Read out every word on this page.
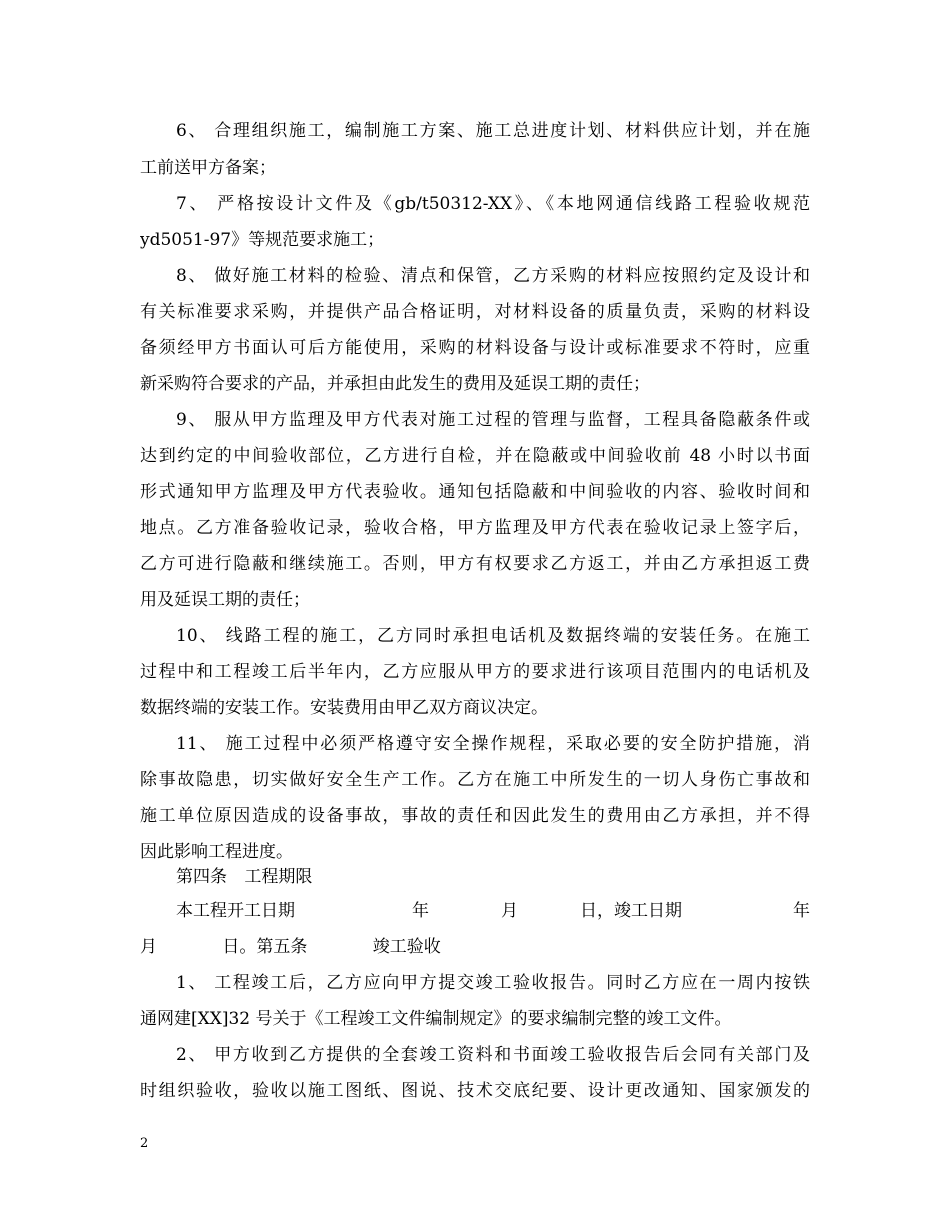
6、 合理组织施工，编制施工方案、施工总进度计划、材料供应计划，并在施
工前送甲方备案；
7、 严格按设计文件及《gb/t50312-XX》、《本地网通信线路工程验收规范
yd5051-97》等规范要求施工；
8、 做好施工材料的检验、清点和保管，乙方采购的材料应按照约定及设计和
有关标准要求采购，并提供产品合格证明，对材料设备的质量负责，采购的材料设
备须经甲方书面认可后方能使用，采购的材料设备与设计或标准要求不符时，应重
新采购符合要求的产品，并承担由此发生的费用及延误工期的责任；
9、 服从甲方监理及甲方代表对施工过程的管理与监督，工程具备隐蔽条件或
达到约定的中间验收部位，乙方进行自检，并在隐蔽或中间验收前 48 小时以书面
形式通知甲方监理及甲方代表验收。通知包括隐蔽和中间验收的内容、验收时间和
地点。乙方准备验收记录，验收合格，甲方监理及甲方代表在验收记录上签字后，
乙方可进行隐蔽和继续施工。否则，甲方有权要求乙方返工，并由乙方承担返工费
用及延误工期的责任；
10、 线路工程的施工，乙方同时承担电话机及数据终端的安装任务。在施工
过程中和工程竣工后半年内，乙方应服从甲方的要求进行该项目范围内的电话机及
数据终端的安装工作。安装费用由甲乙双方商议决定。
11、 施工过程中必须严格遵守安全操作规程，采取必要的安全防护措施，消
除事故隐患，切实做好安全生产工作。乙方在施工中所发生的一切人身伤亡事故和
施工单位原因造成的设备事故，事故的责任和因此发生的费用由乙方承担，并不得
因此影响工程进度。
第四条 工程期限
本工程开工日期	年	月	日，竣工日期	年
月 日。第五条 竣工验收
1、 工程竣工后，乙方应向甲方提交竣工验收报告。同时乙方应在一周内按铁
通网建[XX]32 号关于《工程竣工文件编制规定》的要求编制完整的竣工文件。
2、 甲方收到乙方提供的全套竣工资料和书面竣工验收报告后会同有关部门及
时组织验收，验收以施工图纸、图说、技术交底纪要、设计更改通知、国家颁发的
2
